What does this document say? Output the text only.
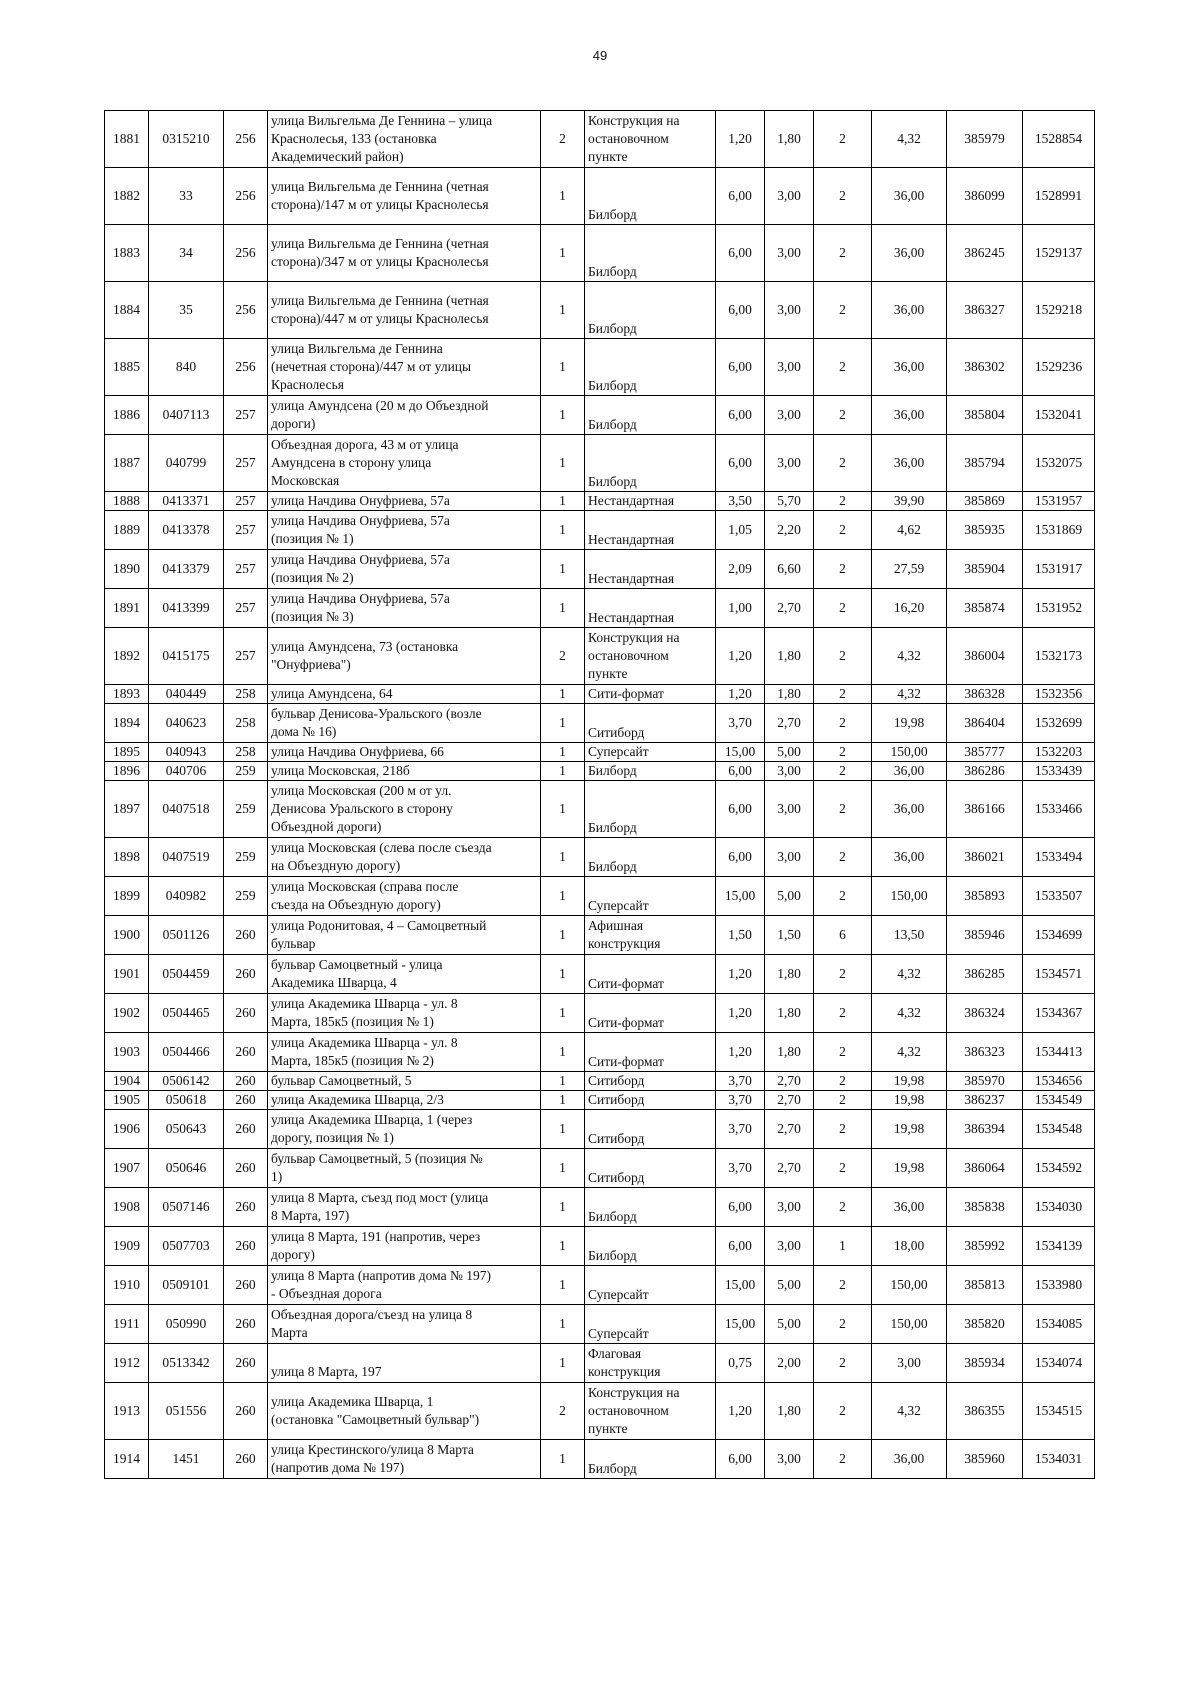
49
1881	0315210	256	улица Вильгельма Де Геннина – улица
Краснолесья, 133 (остановка
Академический район)	2	Конструкция на
остановочном
пункте	1,20	1,80	2	4,32	385979	1528854
1882	33	256	улица Вильгельма де Геннина (четная
сторона)/147 м от улицы Краснолесья	1	Билборд	6,00	3,00	2	36,00	386099	1528991
1883	34	256	улица Вильгельма де Геннина (четная
сторона)/347 м от улицы Краснолесья	1	Билборд	6,00	3,00	2	36,00	386245	1529137
1884	35	256	улица Вильгельма де Геннина (четная
сторона)/447 м от улицы Краснолесья	1	Билборд	6,00	3,00	2	36,00	386327	1529218
1885	840	256	улица Вильгельма де Геннина
(нечетная сторона)/447 м от улицы
Краснолесья	1	Билборд	6,00	3,00	2	36,00	386302	1529236
1886	0407113	257	улица Амундсена (20 м до Объездной
дороги)	1	Билборд	6,00	3,00	2	36,00	385804	1532041
1887	040799	257	Объездная дорога, 43 м от улица
Амундсена в сторону улица
Московская	1	Билборд	6,00	3,00	2	36,00	385794	1532075
1888	0413371	257	улица Начдива Онуфриева, 57а	1	Нестандартная	3,50	5,70	2	39,90	385869	1531957
1889	0413378	257	улица Начдива Онуфриева, 57а
(позиция № 1)	1	Нестандартная	1,05	2,20	2	4,62	385935	1531869
1890	0413379	257	улица Начдива Онуфриева, 57а
(позиция № 2)	1	Нестандартная	2,09	6,60	2	27,59	385904	1531917
1891	0413399	257	улица Начдива Онуфриева, 57а
(позиция № 3)	1	Нестандартная	1,00	2,70	2	16,20	385874	1531952
1892	0415175	257	улица Амундсена, 73 (остановка
"Онуфриева")	2	Конструкция на
остановочном
пункте	1,20	1,80	2	4,32	386004	1532173
1893	040449	258	улица Амундсена, 64	1	Сити-формат	1,20	1,80	2	4,32	386328	1532356
1894	040623	258	бульвар Денисова-Уральского (возле
дома № 16)	1	Ситиборд	3,70	2,70	2	19,98	386404	1532699
1895	040943	258	улица Начдива Онуфриева, 66	1	Суперсайт	15,00	5,00	2	150,00	385777	1532203
1896	040706	259	улица Московская, 218б	1	Билборд	6,00	3,00	2	36,00	386286	1533439
1897	0407518	259	улица Московская (200 м от ул.
Денисова Уральского в сторону
Объездной дороги)	1	Билборд	6,00	3,00	2	36,00	386166	1533466
1898	0407519	259	улица Московская (слева после съезда
на Объездную дорогу)	1	Билборд	6,00	3,00	2	36,00	386021	1533494
1899	040982	259	улица Московская (справа после
съезда на Объездную дорогу)	1	Суперсайт	15,00	5,00	2	150,00	385893	1533507
1900	0501126	260	улица Родонитовая, 4 – Самоцветный
бульвар	1	Афишная
конструкция	1,50	1,50	6	13,50	385946	1534699
1901	0504459	260	бульвар Самоцветный - улица
Академика Шварца, 4	1	Сити-формат	1,20	1,80	2	4,32	386285	1534571
1902	0504465	260	улица Академика Шварца - ул. 8
Марта, 185к5 (позиция № 1)	1	Сити-формат	1,20	1,80	2	4,32	386324	1534367
1903	0504466	260	улица Академика Шварца - ул. 8
Марта, 185к5 (позиция № 2)	1	Сити-формат	1,20	1,80	2	4,32	386323	1534413
1904	0506142	260	бульвар Самоцветный, 5	1	Ситиборд	3,70	2,70	2	19,98	385970	1534656
1905	050618	260	улица Академика Шварца, 2/3	1	Ситиборд	3,70	2,70	2	19,98	386237	1534549
1906	050643	260	улица Академика Шварца, 1 (через
дорогу, позиция № 1)	1	Ситиборд	3,70	2,70	2	19,98	386394	1534548
1907	050646	260	бульвар Самоцветный, 5 (позиция №
1)	1	Ситиборд	3,70	2,70	2	19,98	386064	1534592
1908	0507146	260	улица 8 Марта, съезд под мост (улица
8 Марта, 197)	1	Билборд	6,00	3,00	2	36,00	385838	1534030
1909	0507703	260	улица 8 Марта, 191 (напротив, через
дорогу)	1	Билборд	6,00	3,00	1	18,00	385992	1534139
1910	0509101	260	улица 8 Марта (напротив дома № 197)
- Объездная дорога	1	Суперсайт	15,00	5,00	2	150,00	385813	1533980
1911	050990	260	Объездная дорога/съезд на улица 8
Марта	1	Суперсайт	15,00	5,00	2	150,00	385820	1534085
1912	0513342	260	
улица 8 Марта, 197	1	Флаговая
конструкция	0,75	2,00	2	3,00	385934	1534074
1913	051556	260	улица Академика Шварца, 1
(остановка "Самоцветный бульвар")	2	Конструкция на
остановочном
пункте	1,20	1,80	2	4,32	386355	1534515
1914	1451	260	улица Крестинского/улица 8 Марта
(напротив дома № 197)	1	Билборд	6,00	3,00	2	36,00	385960	1534031
